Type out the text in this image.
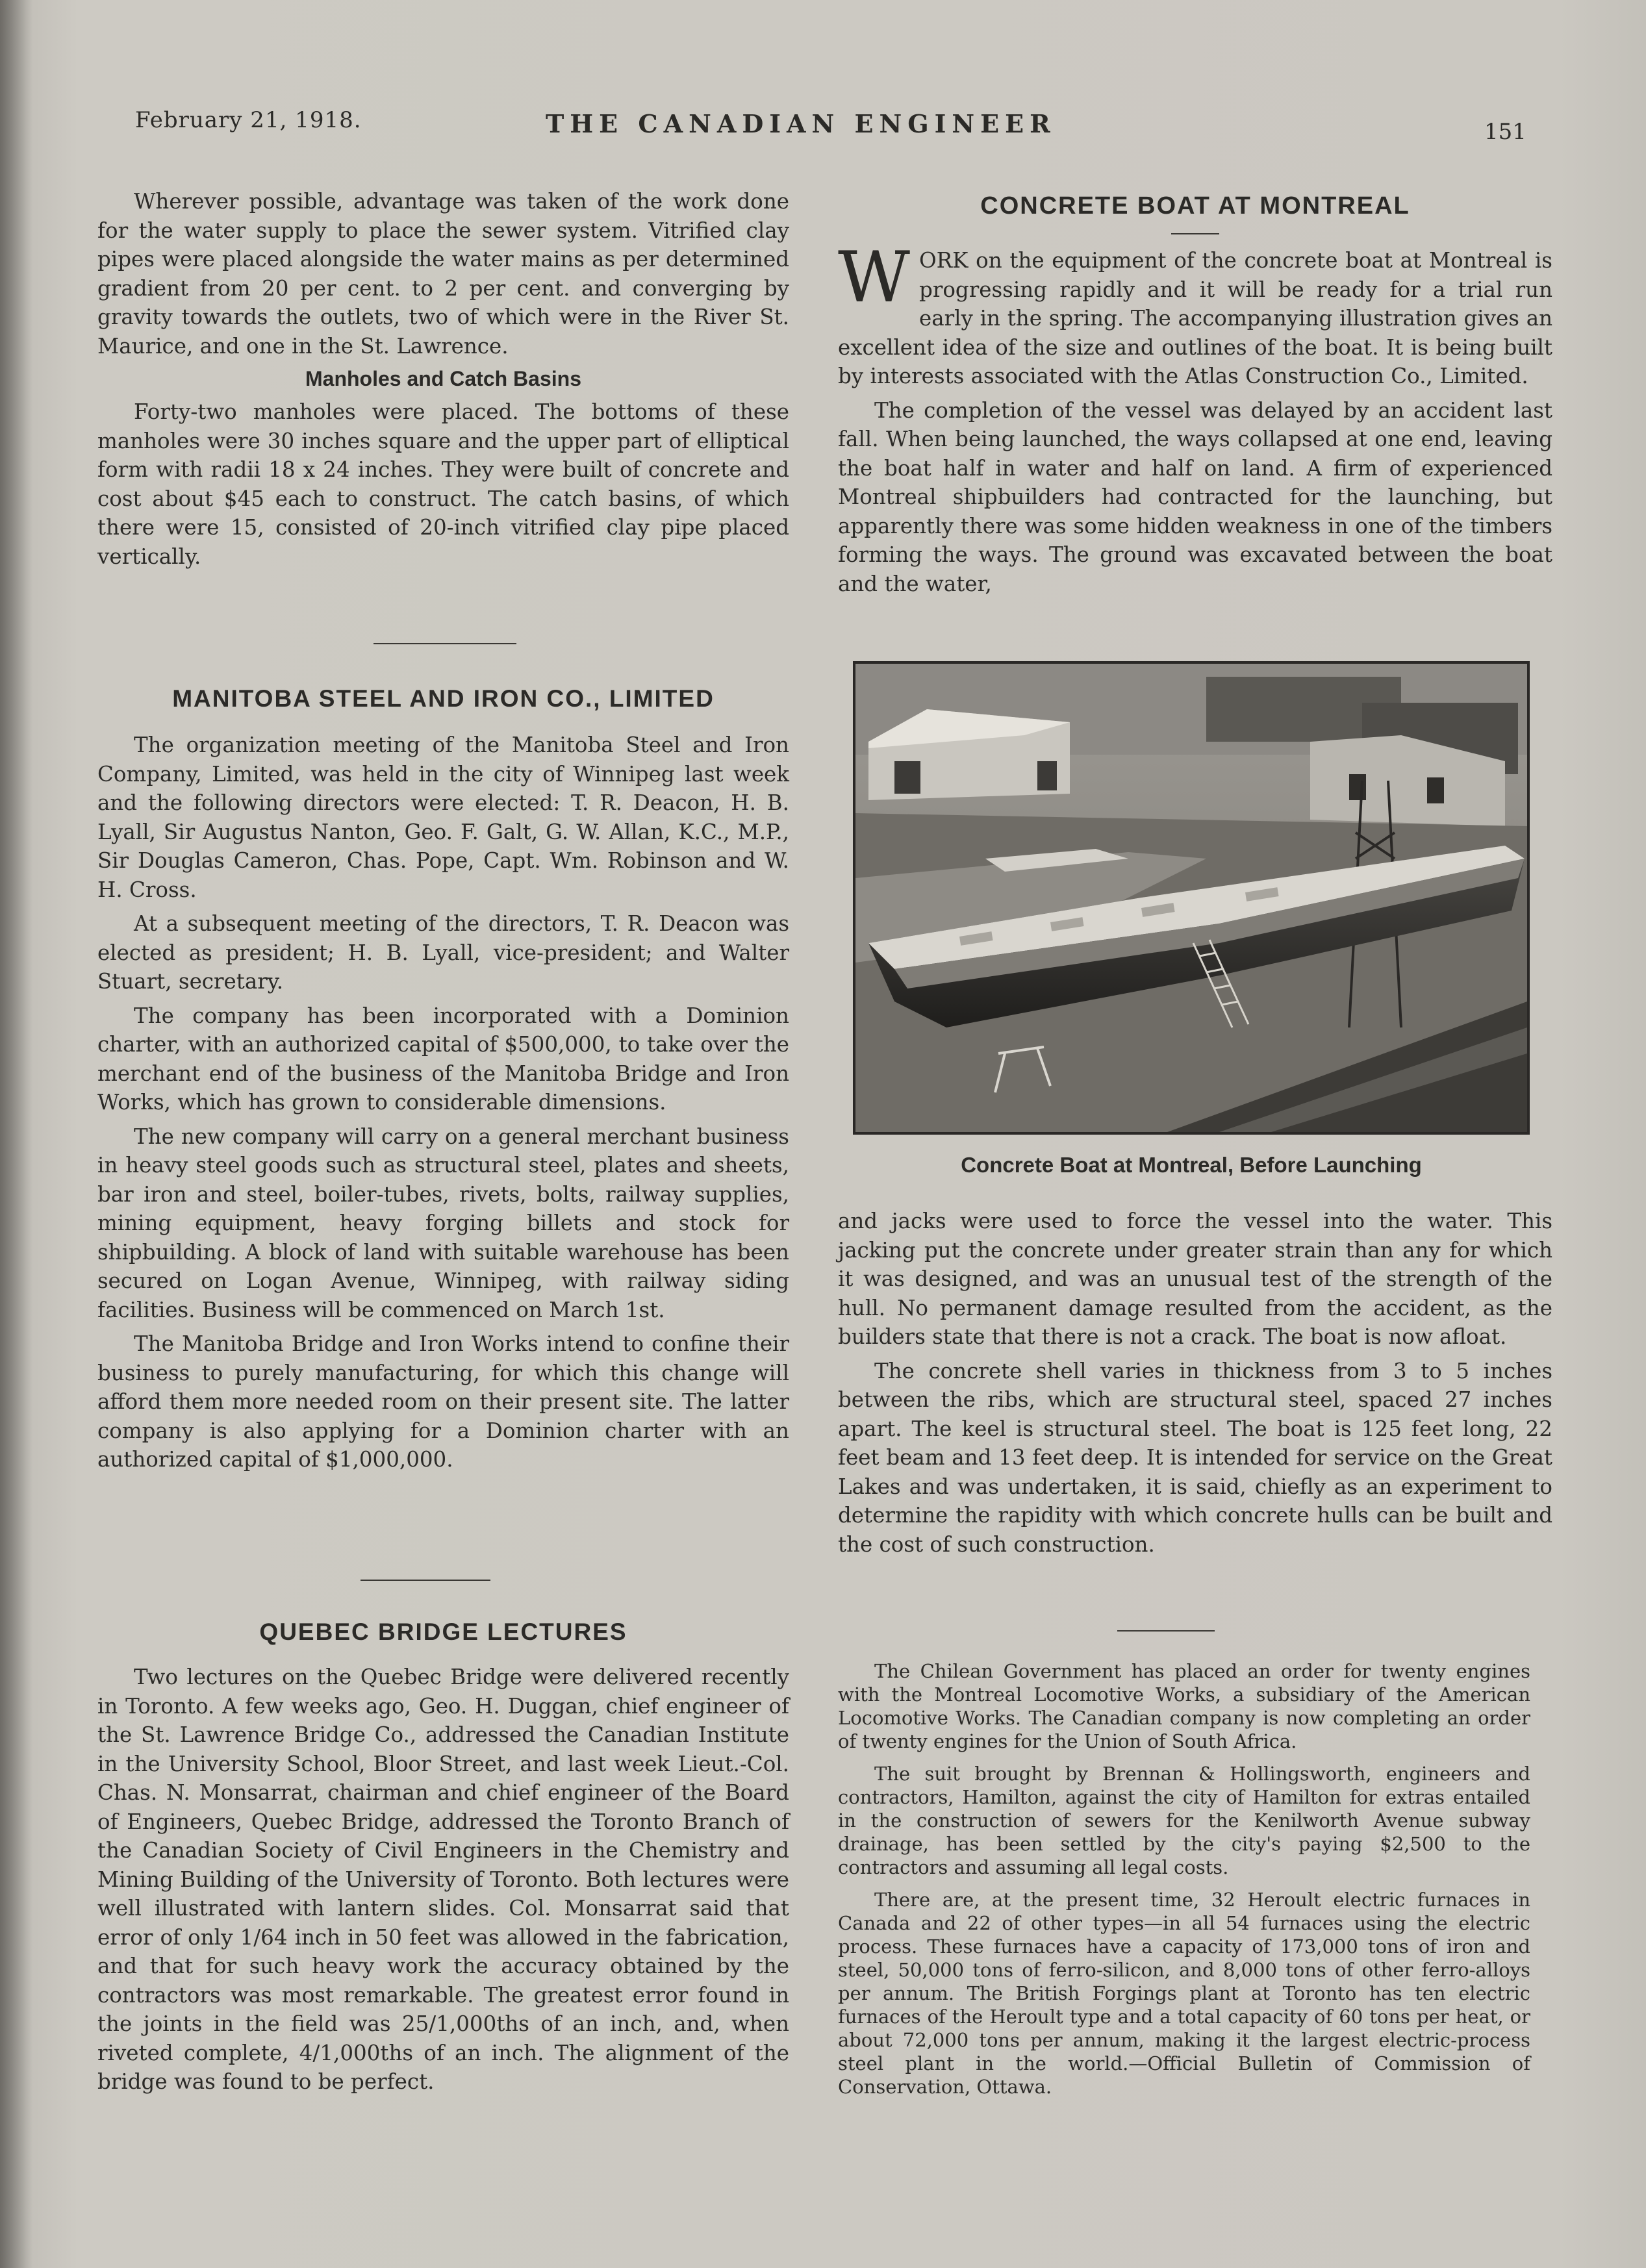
February 21, 1918.	THE CANADIAN ENGINEER	151

Wherever possible, advantage was taken of the work done for the water supply to place the sewer system. Vitrified clay pipes were placed alongside the water mains as per determined gradient from 20 per cent. to 2 per cent. and converging by gravity towards the outlets, two of which were in the River St. Maurice, and one in the St. Lawrence.

Manholes and Catch Basins

Forty-two manholes were placed. The bottoms of these manholes were 30 inches square and the upper part of elliptical form with radii 18 x 24 inches. They were built of concrete and cost about $45 each to construct. The catch basins, of which there were 15, consisted of 20-inch vitrified clay pipe placed vertically.

MANITOBA STEEL AND IRON CO., LIMITED

The organization meeting of the Manitoba Steel and Iron Company, Limited, was held in the city of Winnipeg last week and the following directors were elected: T. R. Deacon, H. B. Lyall, Sir Augustus Nanton, Geo. F. Galt, G. W. Allan, K.C., M.P., Sir Douglas Cameron, Chas. Pope, Capt. Wm. Robinson and W. H. Cross.

At a subsequent meeting of the directors, T. R. Deacon was elected as president; H. B. Lyall, vice-president; and Walter Stuart, secretary.

The company has been incorporated with a Dominion charter, with an authorized capital of $500,000, to take over the merchant end of the business of the Manitoba Bridge and Iron Works, which has grown to considerable dimensions.

The new company will carry on a general merchant business in heavy steel goods such as structural steel, plates and sheets, bar iron and steel, boiler-tubes, rivets, bolts, railway supplies, mining equipment, heavy forging billets and stock for shipbuilding. A block of land with suitable warehouse has been secured on Logan Avenue, Winnipeg, with railway siding facilities. Business will be commenced on March 1st.

The Manitoba Bridge and Iron Works intend to confine their business to purely manufacturing, for which this change will afford them more needed room on their present site. The latter company is also applying for a Dominion charter with an authorized capital of $1,000,000.

QUEBEC BRIDGE LECTURES

Two lectures on the Quebec Bridge were delivered recently in Toronto. A few weeks ago, Geo. H. Duggan, chief engineer of the St. Lawrence Bridge Co., addressed the Canadian Institute in the University School, Bloor Street, and last week Lieut.-Col. Chas. N. Monsarrat, chairman and chief engineer of the Board of Engineers, Quebec Bridge, addressed the Toronto Branch of the Canadian Society of Civil Engineers in the Chemistry and Mining Building of the University of Toronto. Both lectures were well illustrated with lantern slides. Col. Monsarrat said that error of only 1/64 inch in 50 feet was allowed in the fabrication, and that for such heavy work the accuracy obtained by the contractors was most remarkable. The greatest error found in the joints in the field was 25/1,000ths of an inch, and, when riveted complete, 4/1,000ths of an inch. The alignment of the bridge was found to be perfect.

CONCRETE BOAT AT MONTREAL

WORK on the equipment of the concrete boat at Montreal is progressing rapidly and it will be ready for a trial run early in the spring. The accompanying illustration gives an excellent idea of the size and outlines of the boat. It is being built by interests associated with the Atlas Construction Co., Limited.

The completion of the vessel was delayed by an accident last fall. When being launched, the ways collapsed at one end, leaving the boat half in water and half on land. A firm of experienced Montreal shipbuilders had contracted for the launching, but apparently there was some hidden weakness in one of the timbers forming the ways. The ground was excavated between the boat and the water,

Concrete Boat at Montreal, Before Launching

and jacks were used to force the vessel into the water. This jacking put the concrete under greater strain than any for which it was designed, and was an unusual test of the strength of the hull. No permanent damage resulted from the accident, as the builders state that there is not a crack. The boat is now afloat.

The concrete shell varies in thickness from 3 to 5 inches between the ribs, which are structural steel, spaced 27 inches apart. The keel is structural steel. The boat is 125 feet long, 22 feet beam and 13 feet deep. It is intended for service on the Great Lakes and was undertaken, it is said, chiefly as an experiment to determine the rapidity with which concrete hulls can be built and the cost of such construction.

The Chilean Government has placed an order for twenty engines with the Montreal Locomotive Works, a subsidiary of the American Locomotive Works. The Canadian company is now completing an order of twenty engines for the Union of South Africa.

The suit brought by Brennan & Hollingsworth, engineers and contractors, Hamilton, against the city of Hamilton for extras entailed in the construction of sewers for the Kenilworth Avenue subway drainage, has been settled by the city's paying $2,500 to the contractors and assuming all legal costs.

There are, at the present time, 32 Heroult electric furnaces in Canada and 22 of other types—in all 54 furnaces using the electric process. These furnaces have a capacity of 173,000 tons of iron and steel, 50,000 tons of ferro-silicon, and 8,000 tons of other ferro-alloys per annum. The British Forgings plant at Toronto has ten electric furnaces of the Heroult type and a total capacity of 60 tons per heat, or about 72,000 tons per annum, making it the largest electric-process steel plant in the world.—Official Bulletin of Commission of Conservation, Ottawa.
